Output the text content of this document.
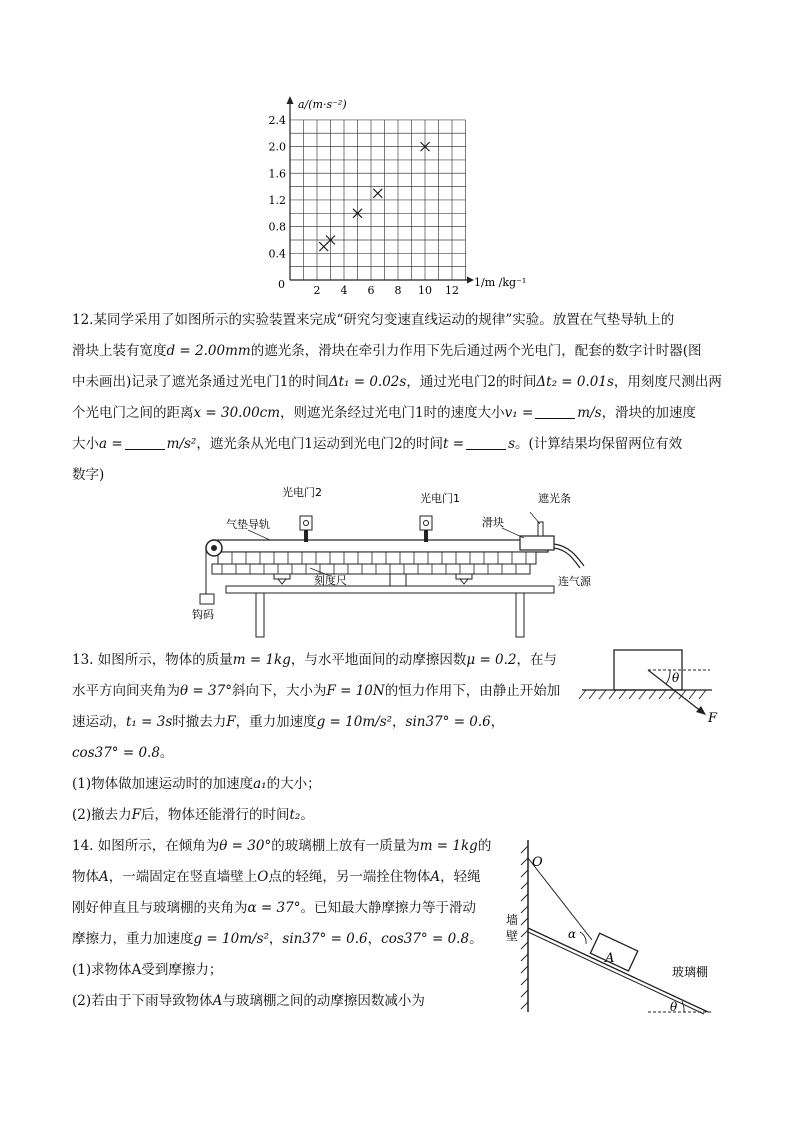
a/(m·s⁻²)
0	2 4 6 8 10 12
0.4
0.8
1.2
1.6
2.0
2.4
1/m /kg⁻¹
12.某同学采用了如图所示的实验装置来完成“研究匀变速直线运动的规律”实验。放置在气垫导轨上的
滑块上装有宽度d = 2.00mm的遮光条，滑块在牵引力作用下先后通过两个光电门，配套的数字计时器(图
中未画出)记录了遮光条通过光电门1的时间Δt₁ = 0.02s，通过光电门2的时间Δt₂ = 0.01s，用刻度尺测出两
个光电门之间的距离x = 30.00cm，则遮光条经过光电门1时的速度大小v₁ =	m/s，滑块的加速度
大小a =	m/s²，遮光条从光电门1运动到光电门2的时间t =	s。(计算结果均保留两位有效
数字)
光电门2	光电门1
气垫导轨
遮光条
滑块
刻度尺	连气源
钩码
13. 如图所示，物体的质量m = 1kg，与水平地面间的动摩擦因数μ = 0.2，在与
水平方向间夹角为θ = 37°斜向下，大小为F = 10N的恒力作用下，由静止开始加
速运动，t₁ = 3s时撤去力F，重力加速度g = 10m/s²，sin37° = 0.6，
cos37° = 0.8。
(1)物体做加速运动时的加速度a₁的大小；
(2)撤去力F后，物体还能滑行的时间t₂。
θ
F
14. 如图所示，在倾角为θ = 30°的玻璃棚上放有一质量为m = 1kg的
物体A，一端固定在竖直墙壁上O点的轻绳，另一端拴住物体A，轻绳
刚好伸直且与玻璃棚的夹角为α = 37°。已知最大静摩擦力等于滑动
摩擦力，重力加速度g = 10m/s²，sin37° = 0.6，cos37° = 0.8。
(1)求物体A受到摩擦力；
(2)若由于下雨导致物体A与玻璃棚之间的动摩擦因数减小为
O
墙
壁	α
A
玻璃棚
θ
